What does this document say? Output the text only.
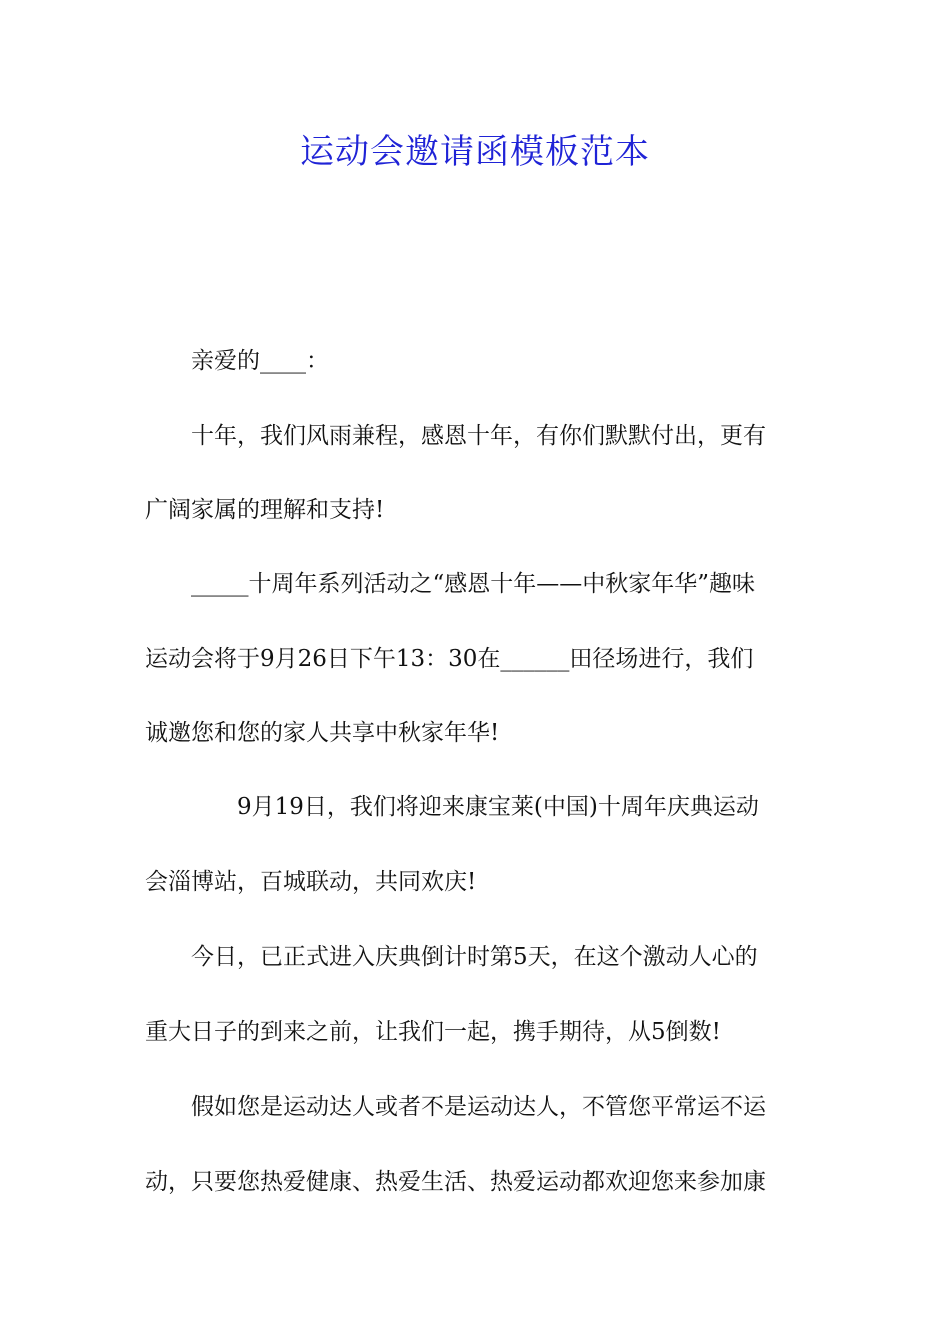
运动会邀请函模板范本
　　亲爱的____：
　　十年，我们风雨兼程，感恩十年，有你们默默付出，更有
广阔家属的理解和支持!
　　_____十周年系列活动之“感恩十年——中秋家年华”趣味
运动会将于9月26日下午13：30在______田径场进行，我们
诚邀您和您的家人共享中秋家年华!
　　　　9月19日，我们将迎来康宝莱(中国)十周年庆典运动
会淄博站，百城联动，共同欢庆!
　　今日，已正式进入庆典倒计时第5天，在这个激动人心的
重大日子的到来之前，让我们一起，携手期待，从5倒数!
　　假如您是运动达人或者不是运动达人，不管您平常运不运
动，只要您热爱健康、热爱生活、热爱运动都欢迎您来参加康
